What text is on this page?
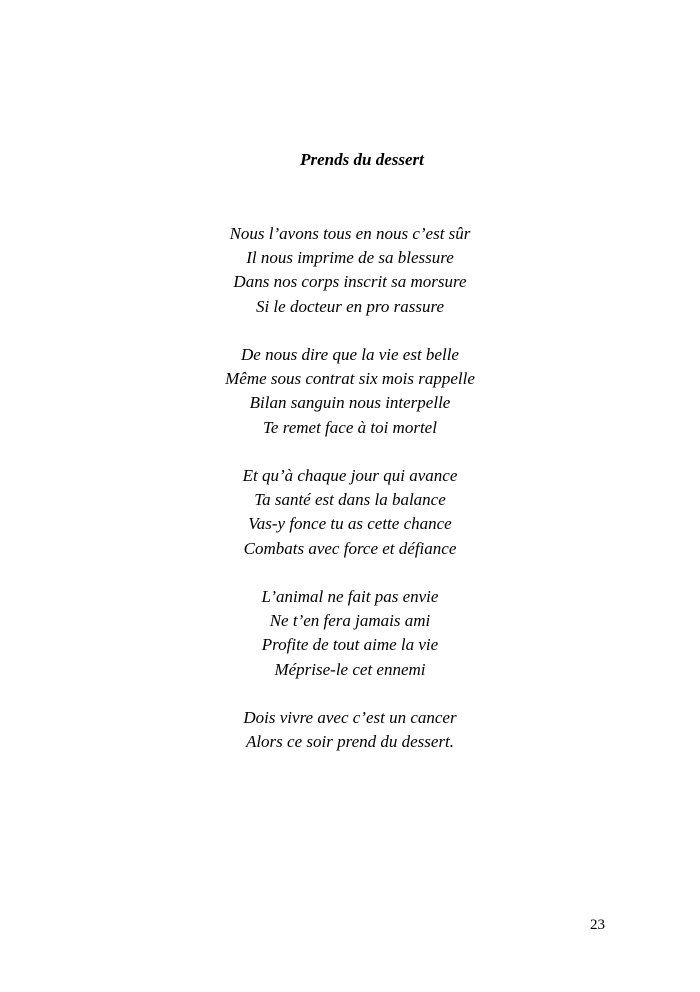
Prends du dessert
Nous l’avons tous en nous c’est sûr
Il nous imprime de sa blessure
Dans nos corps inscrit sa morsure
Si le docteur en pro rassure
De nous dire que la vie est belle
Même sous contrat six mois rappelle
Bilan sanguin nous interpelle
Te remet face à toi mortel
Et qu’à chaque jour qui avance
Ta santé est dans la balance
Vas-y fonce tu as cette chance
Combats avec force et défiance
L’animal ne fait pas envie
Ne t’en fera jamais ami
Profite de tout aime la vie
Méprise-le cet ennemi
Dois vivre avec c’est un cancer
Alors ce soir prend du dessert.
23
